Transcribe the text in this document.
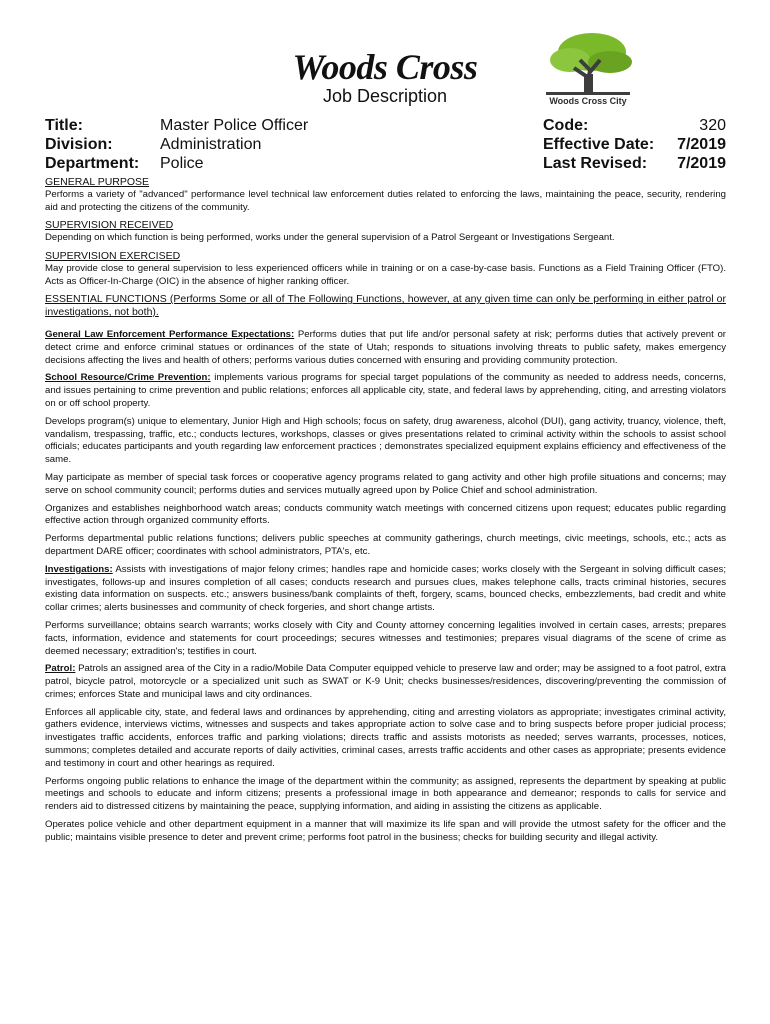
Woods Cross
Job Description	Woods Cross City
Title:
Division:
Department:
Master Police Officer
Administration
Police
Code:
Effective Date:
Last Revised:
320
7/2019
7/2019

GENERAL PURPOSE

Performs a variety of "advanced" performance level technical law enforcement duties related to enforcing the laws, maintaining the peace, security, rendering aid and protecting the citizens of the community.

SUPERVISION RECEIVED

Depending on which function is being performed, works under the general supervision of a Patrol Sergeant or Investigations Sergeant.

SUPERVISION EXERCISED

May provide close to general supervision to less experienced officers while in training or on a case-by-case basis. Functions as a Field Training Officer (FTO). Acts as Officer-In-Charge (OIC) in the absence of higher ranking officer.

ESSENTIAL FUNCTIONS (Performs Some or all of The Following Functions, however, at any given time can only be performing in either patrol or investigations, not both).

General Law Enforcement Performance Expectations: Performs duties that put life and/or personal safety at risk; performs duties that actively prevent or detect crime and enforce criminal statues or ordinances of the state of Utah; responds to situations involving threats to public safety, makes emergency decisions affecting the lives and health of others; performs various duties concerned with ensuring and providing community protection.

School Resource/Crime Prevention: implements various programs for special target populations of the community as needed to address needs, concerns, and issues pertaining to crime prevention and public relations; enforces all applicable city, state, and federal laws by apprehending, citing, and arresting violators on or off school property.

Develops program(s) unique to elementary, Junior High and High schools; focus on safety, drug awareness, alcohol (DUI), gang activity, truancy, violence, theft, vandalism, trespassing, traffic, etc.; conducts lectures, workshops, classes or gives presentations related to criminal activity within the schools to assist school officials; educates participants and youth regarding law enforcement practices ; demonstrates specialized equipment explains efficiency and effectiveness of the same.

May participate as member of special task forces or cooperative agency programs related to gang activity and other high profile situations and concerns; may serve on school community council; performs duties and services mutually agreed upon by Police Chief and school administration.

Organizes and establishes neighborhood watch areas; conducts community watch meetings with concerned citizens upon request; educates public regarding effective action through organized community efforts.

Performs departmental public relations functions; delivers public speeches at community gatherings, church meetings, civic meetings, schools, etc.; acts as department DARE officer; coordinates with school administrators, PTA's, etc.

Investigations: Assists with investigations of major felony crimes; handles rape and homicide cases; works closely with the Sergeant in solving difficult cases; investigates, follows-up and insures completion of all cases; conducts research and pursues clues, makes telephone calls, tracts criminal histories, secures existing data information on suspects. etc.; answers business/bank complaints of theft, forgery, scams, bounced checks, embezzlements, bad credit and white collar crimes; alerts businesses and community of check forgeries, and short change artists.

Performs surveillance; obtains search warrants; works closely with City and County attorney concerning legalities involved in certain cases, arrests; prepares facts, information, evidence and statements for court proceedings; secures witnesses and testimonies; prepares visual diagrams of the scene of crime as deemed necessary; extradition's; testifies in court.

Patrol: Patrols an assigned area of the City in a radio/Mobile Data Computer equipped vehicle to preserve law and order; may be assigned to a foot patrol, extra patrol, bicycle patrol, motorcycle or a specialized unit such as SWAT or K-9 Unit; checks businesses/residences, discovering/preventing the commission of crimes; enforces State and municipal laws and city ordinances.

Enforces all applicable city, state, and federal laws and ordinances by apprehending, citing and arresting violators as appropriate; investigates criminal activity, gathers evidence, interviews victims, witnesses and suspects and takes appropriate action to solve case and to bring suspects before proper judicial process; investigates traffic accidents, enforces traffic and parking violations; directs traffic and assists motorists as needed; serves warrants, processes, notices, summons; completes detailed and accurate reports of daily activities, criminal cases, arrests traffic accidents and other cases as appropriate; presents evidence and testimony in court and other hearings as required.

Performs ongoing public relations to enhance the image of the department within the community; as assigned, represents the department by speaking at public meetings and schools to educate and inform citizens; presents a professional image in both appearance and demeanor; responds to calls for service and renders aid to distressed citizens by maintaining the peace, supplying information, and aiding in assisting the citizens as applicable.

Operates police vehicle and other department equipment in a manner that will maximize its life span and will provide the utmost safety for the officer and the public; maintains visible presence to deter and prevent crime; performs foot patrol in the business; checks for building security and illegal activity.
